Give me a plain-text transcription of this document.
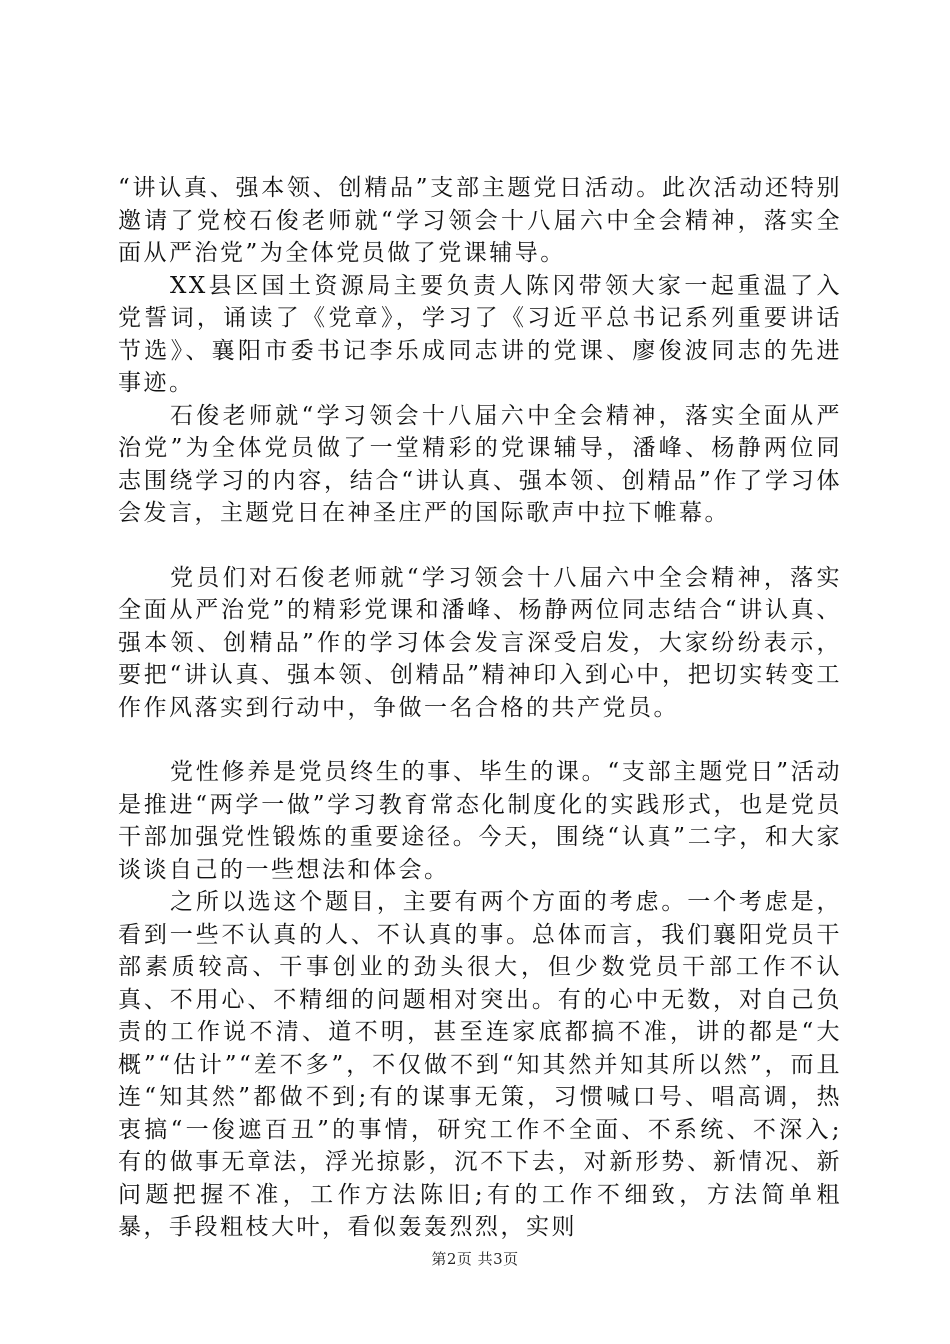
“讲认真、强本领、创精品”支部主题党日活动。此次活动还特别邀请了党校石俊老师就“学习领会十八届六中全会精神，落实全面从严治党”为全体党员做了党课辅导。

XX县区国土资源局主要负责人陈冈带领大家一起重温了入党誓词，诵读了《党章》，学习了《习近平总书记系列重要讲话节选》、襄阳市委书记李乐成同志讲的党课、廖俊波同志的先进事迹。

石俊老师就“学习领会十八届六中全会精神，落实全面从严治党”为全体党员做了一堂精彩的党课辅导，潘峰、杨静两位同志围绕学习的内容，结合“讲认真、强本领、创精品”作了学习体会发言，主题党日在神圣庄严的国际歌声中拉下帷幕。

党员们对石俊老师就“学习领会十八届六中全会精神，落实全面从严治党”的精彩党课和潘峰、杨静两位同志结合“讲认真、强本领、创精品”作的学习体会发言深受启发，大家纷纷表示，要把“讲认真、强本领、创精品”精神印入到心中，把切实转变工作作风落实到行动中，争做一名合格的共产党员。

党性修养是党员终生的事、毕生的课。“支部主题党日”活动是推进“两学一做”学习教育常态化制度化的实践形式，也是党员干部加强党性锻炼的重要途径。今天，围绕“认真”二字，和大家谈谈自己的一些想法和体会。

之所以选这个题目，主要有两个方面的考虑。一个考虑是，看到一些不认真的人、不认真的事。总体而言，我们襄阳党员干部素质较高、干事创业的劲头很大，但少数党员干部工作不认真、不用心、不精细的问题相对突出。有的心中无数，对自己负责的工作说不清、道不明，甚至连家底都搞不准，讲的都是“大概”“估计”“差不多”，不仅做不到“知其然并知其所以然”，而且连“知其然”都做不到;有的谋事无策，习惯喊口号、唱高调，热衷搞“一俊遮百丑”的事情，研究工作不全面、不系统、不深入;有的做事无章法，浮光掠影，沉不下去，对新形势、新情况、新问题把握不准，工作方法陈旧;有的工作不细致，方法简单粗暴，手段粗枝大叶，看似轰轰烈烈，实则

第2页 共3页
